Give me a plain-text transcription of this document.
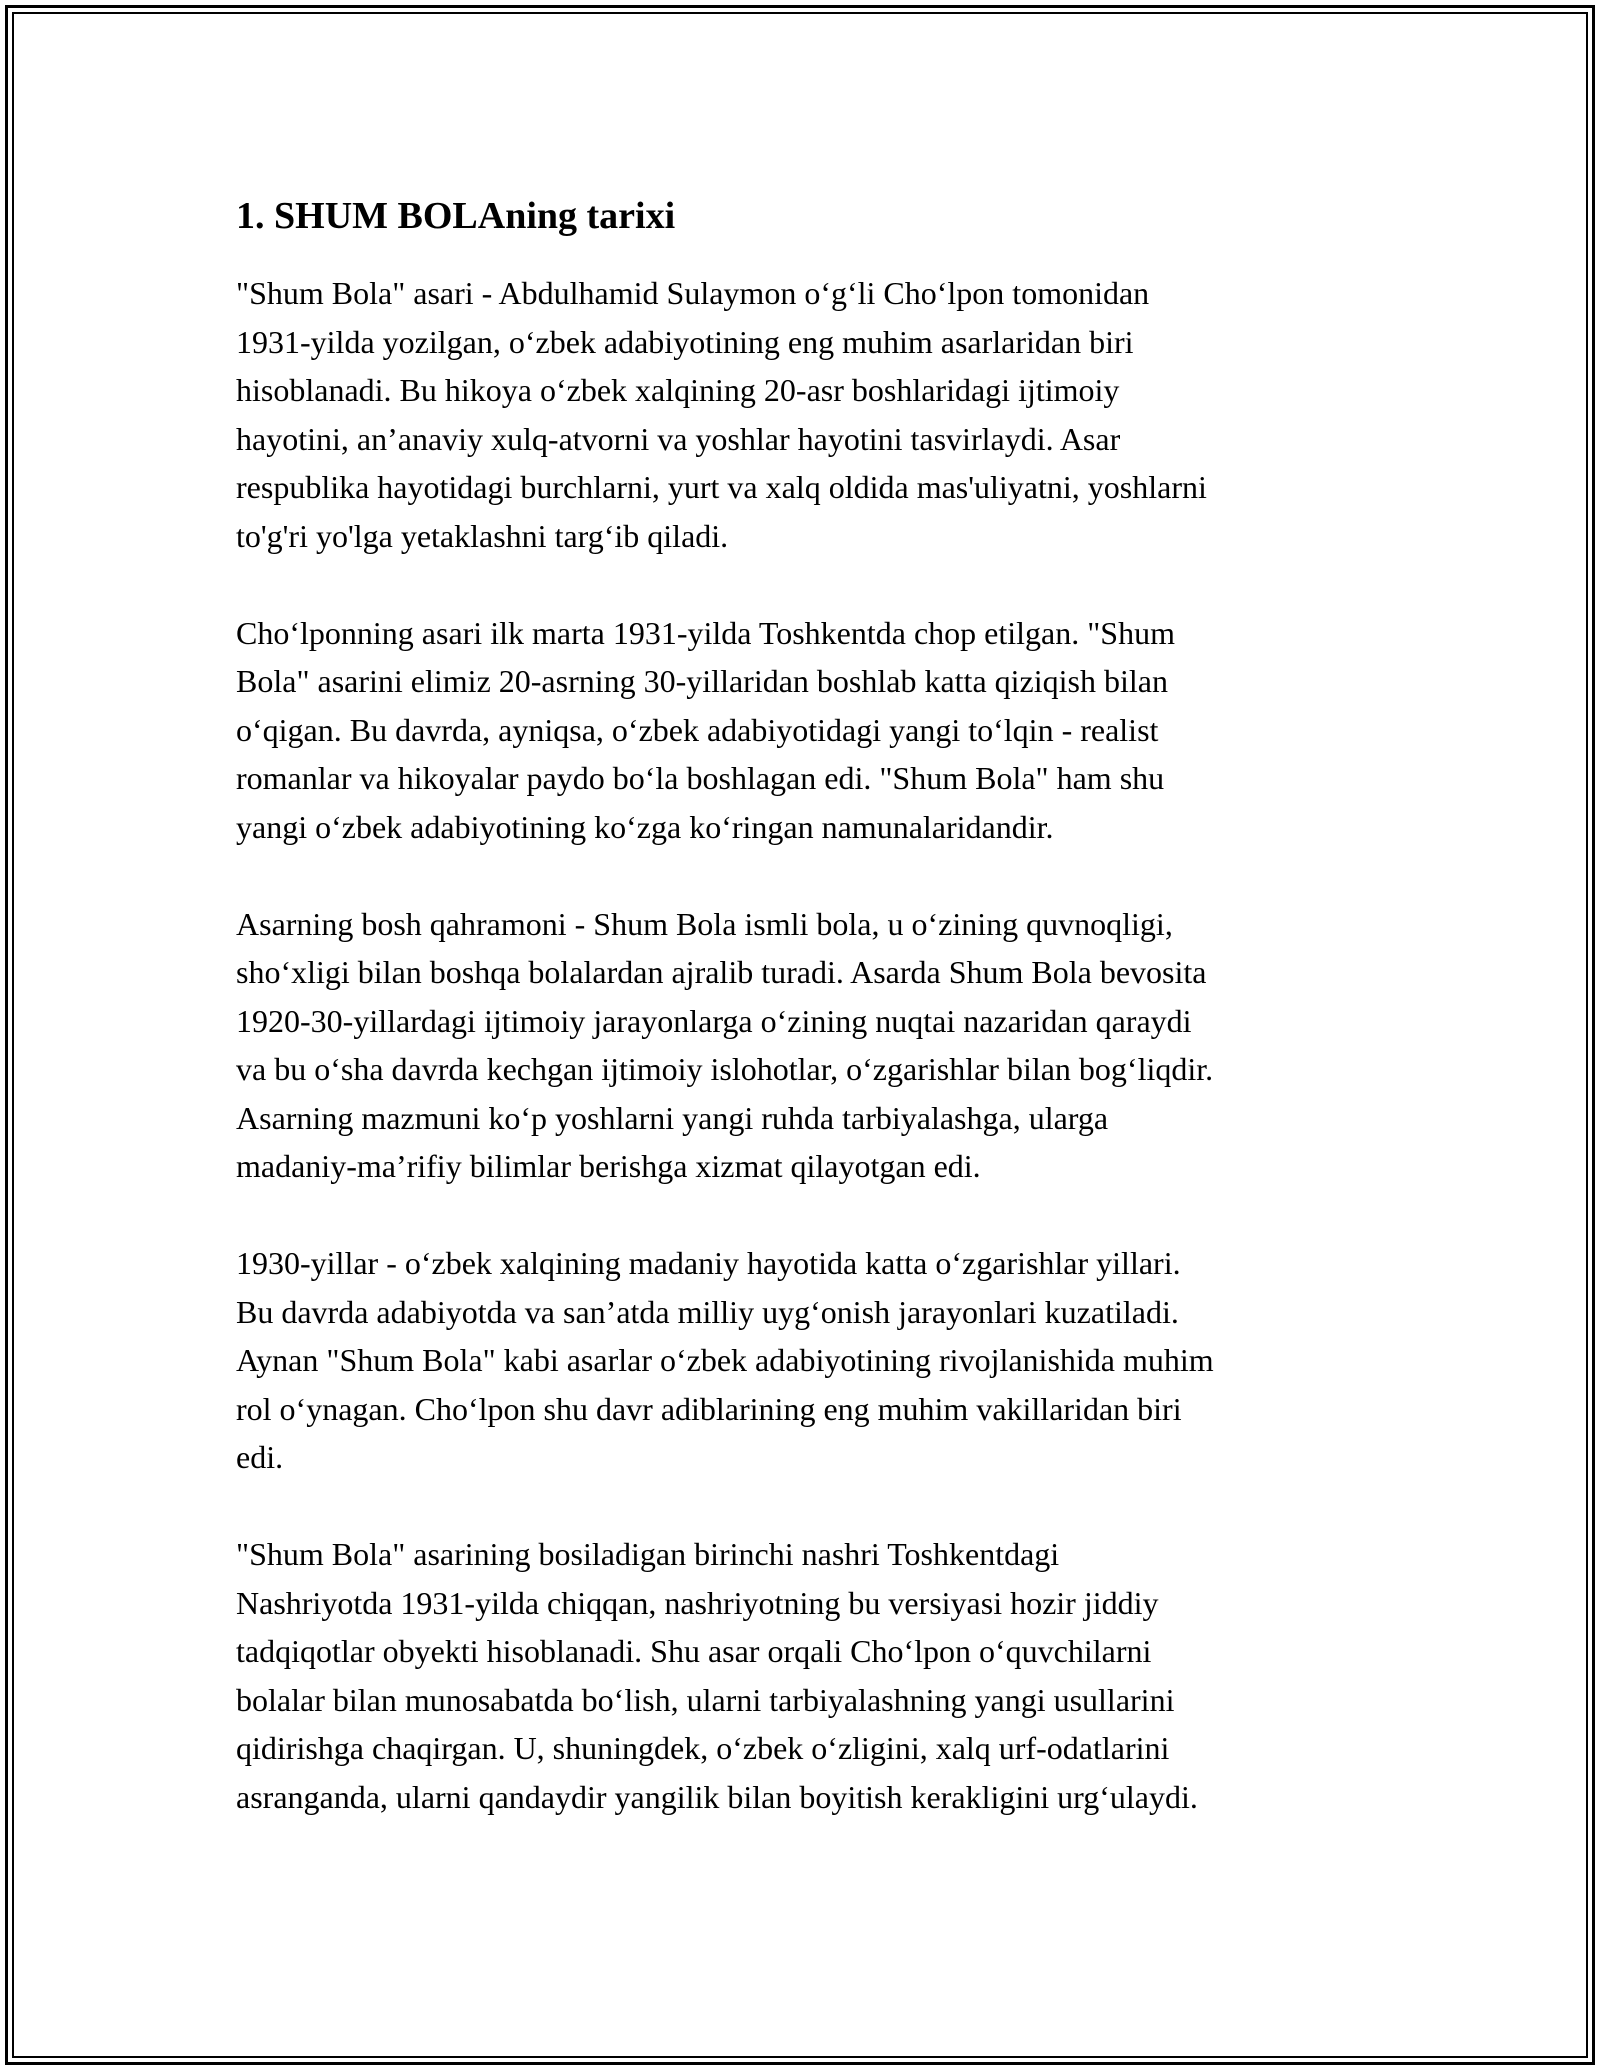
1. SHUM BOLAning tarixi

"Shum Bola" asari - Abdulhamid Sulaymon o‘g‘li Cho‘lpon tomonidan
1931-yilda yozilgan, o‘zbek adabiyotining eng muhim asarlaridan biri
hisoblanadi. Bu hikoya o‘zbek xalqining 20-asr boshlaridagi ijtimoiy
hayotini, an’anaviy xulq-atvorni va yoshlar hayotini tasvirlaydi. Asar
respublika hayotidagi burchlarni, yurt va xalq oldida mas'uliyatni, yoshlarni
to'g'ri yo'lga yetaklashni targ‘ib qiladi.

Cho‘lponning asari ilk marta 1931-yilda Toshkentda chop etilgan. "Shum
Bola" asarini elimiz 20-asrning 30-yillaridan boshlab katta qiziqish bilan
o‘qigan. Bu davrda, ayniqsa, o‘zbek adabiyotidagi yangi to‘lqin - realist
romanlar va hikoyalar paydo bo‘la boshlagan edi. "Shum Bola" ham shu
yangi o‘zbek adabiyotining ko‘zga ko‘ringan namunalaridandir.

Asarning bosh qahramoni - Shum Bola ismli bola, u o‘zining quvnoqligi,
sho‘xligi bilan boshqa bolalardan ajralib turadi. Asarda Shum Bola bevosita
1920-30-yillardagi ijtimoiy jarayonlarga o‘zining nuqtai nazaridan qaraydi
va bu o‘sha davrda kechgan ijtimoiy islohotlar, o‘zgarishlar bilan bog‘liqdir.
Asarning mazmuni ko‘p yoshlarni yangi ruhda tarbiyalashga, ularga
madaniy-ma’rifiy bilimlar berishga xizmat qilayotgan edi.

1930-yillar - o‘zbek xalqining madaniy hayotida katta o‘zgarishlar yillari.
Bu davrda adabiyotda va san’atda milliy uyg‘onish jarayonlari kuzatiladi.
Aynan "Shum Bola" kabi asarlar o‘zbek adabiyotining rivojlanishida muhim
rol o‘ynagan. Cho‘lpon shu davr adiblarining eng muhim vakillaridan biri
edi.

"Shum Bola" asarining bosiladigan birinchi nashri Toshkentdagi
Nashriyotda 1931-yilda chiqqan, nashriyotning bu versiyasi hozir jiddiy
tadqiqotlar obyekti hisoblanadi. Shu asar orqali Cho‘lpon o‘quvchilarni
bolalar bilan munosabatda bo‘lish, ularni tarbiyalashning yangi usullarini
qidirishga chaqirgan. U, shuningdek, o‘zbek o‘zligini, xalq urf-odatlarini
asranganda, ularni qandaydir yangilik bilan boyitish kerakligini urg‘ulaydi.
